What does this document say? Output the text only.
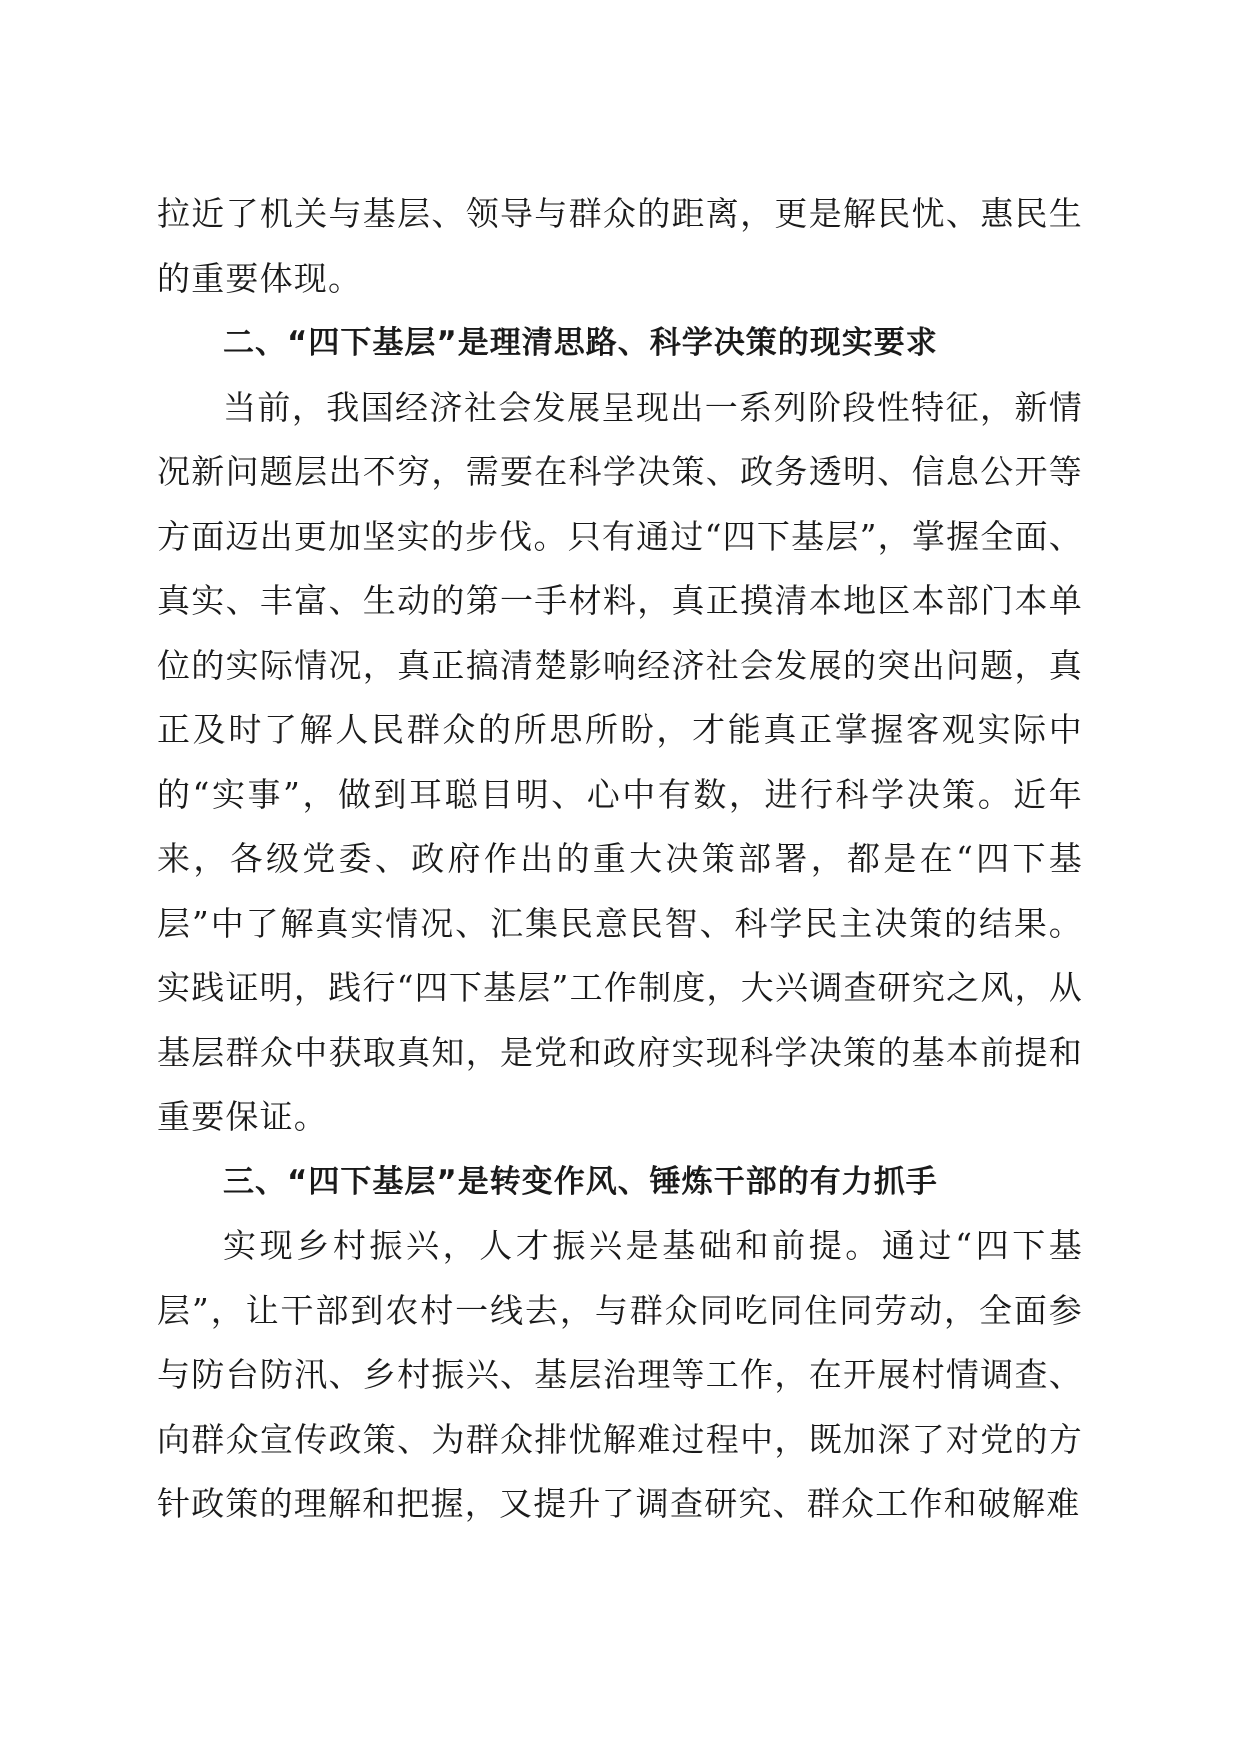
拉近了机关与基层、领导与群众的距离，更是解民忧、惠民生的重要体现。

二、“四下基层”是理清思路、科学决策的现实要求

当前，我国经济社会发展呈现出一系列阶段性特征，新情况新问题层出不穷，需要在科学决策、政务透明、信息公开等方面迈出更加坚实的步伐。只有通过“四下基层”，掌握全面、真实、丰富、生动的第一手材料，真正摸清本地区本部门本单位的实际情况，真正搞清楚影响经济社会发展的突出问题，真正及时了解人民群众的所思所盼，才能真正掌握客观实际中的“实事”，做到耳聪目明、心中有数，进行科学决策。近年来，各级党委、政府作出的重大决策部署，都是在“四下基层”中了解真实情况、汇集民意民智、科学民主决策的结果。实践证明，践行“四下基层”工作制度，大兴调查研究之风，从基层群众中获取真知，是党和政府实现科学决策的基本前提和重要保证。

三、“四下基层”是转变作风、锤炼干部的有力抓手

实现乡村振兴，人才振兴是基础和前提。通过“四下基层”，让干部到农村一线去，与群众同吃同住同劳动，全面参与防台防汛、乡村振兴、基层治理等工作，在开展村情调查、向群众宣传政策、为群众排忧解难过程中，既加深了对党的方针政策的理解和把握，又提升了调查研究、群众工作和破解难
